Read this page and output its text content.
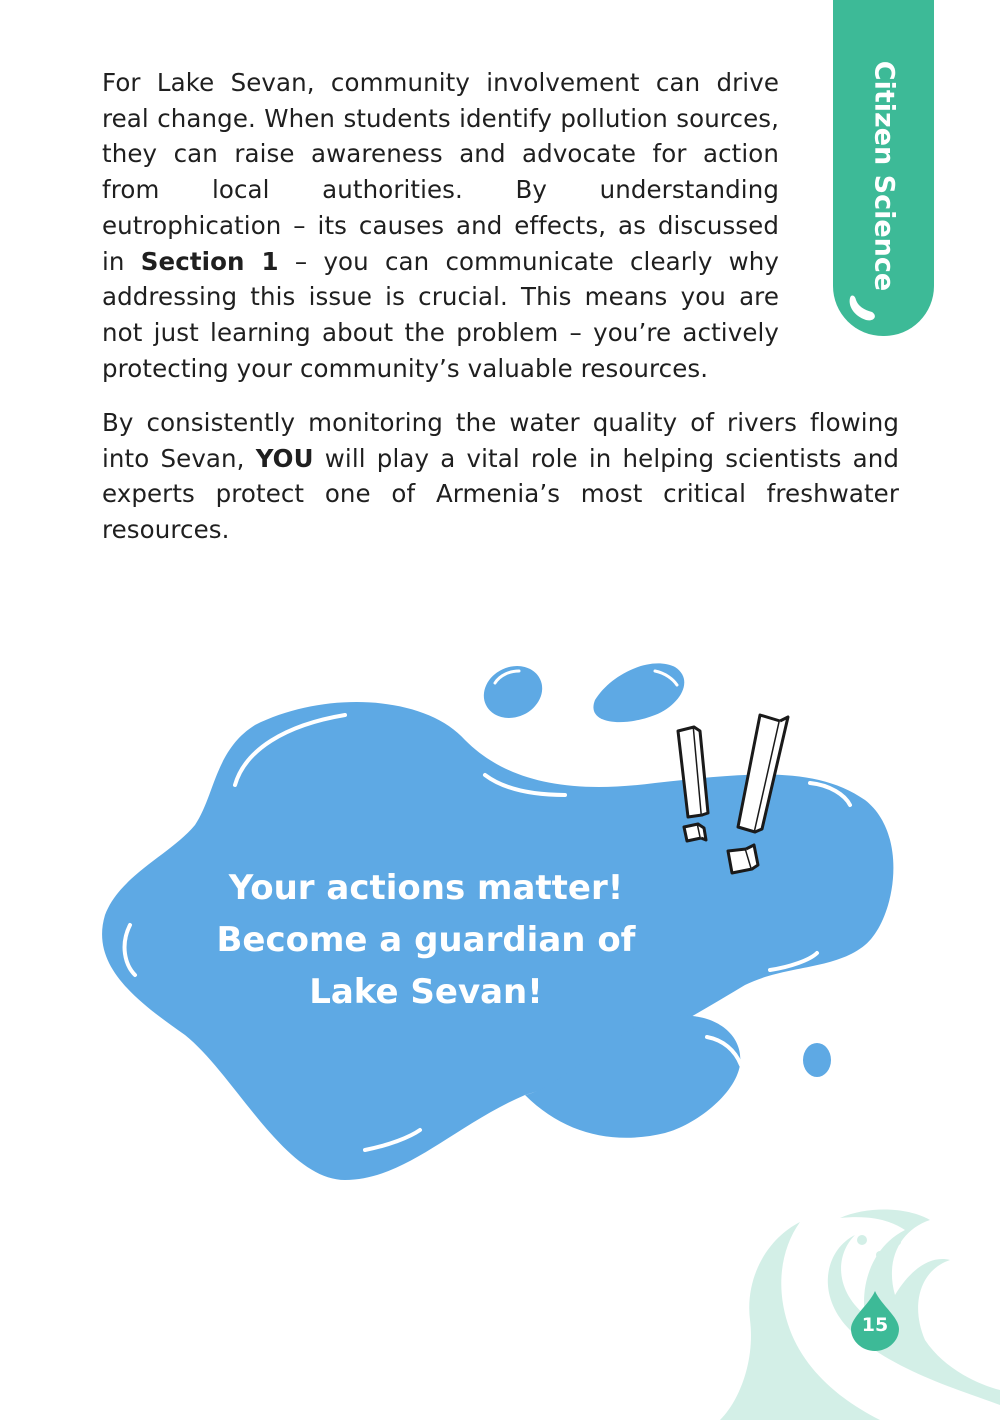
Citizen Science

For Lake Sevan, community involvement can drive real change. When students identify pollution sources, they can raise awareness and advocate for action from local authorities. By understanding eutrophication – its causes and effects, as discussed in Section 1 – you can communicate clearly why addressing this issue is crucial. This means you are not just learning about the problem – you’re actively protecting your community’s valuable resources.

By consistently monitoring the water quality of rivers flowing into Sevan, YOU will play a vital role in helping scientists and experts protect one of Armenia’s most critical freshwater resources.

Your actions matter!
Become a guardian of
Lake Sevan!
15
